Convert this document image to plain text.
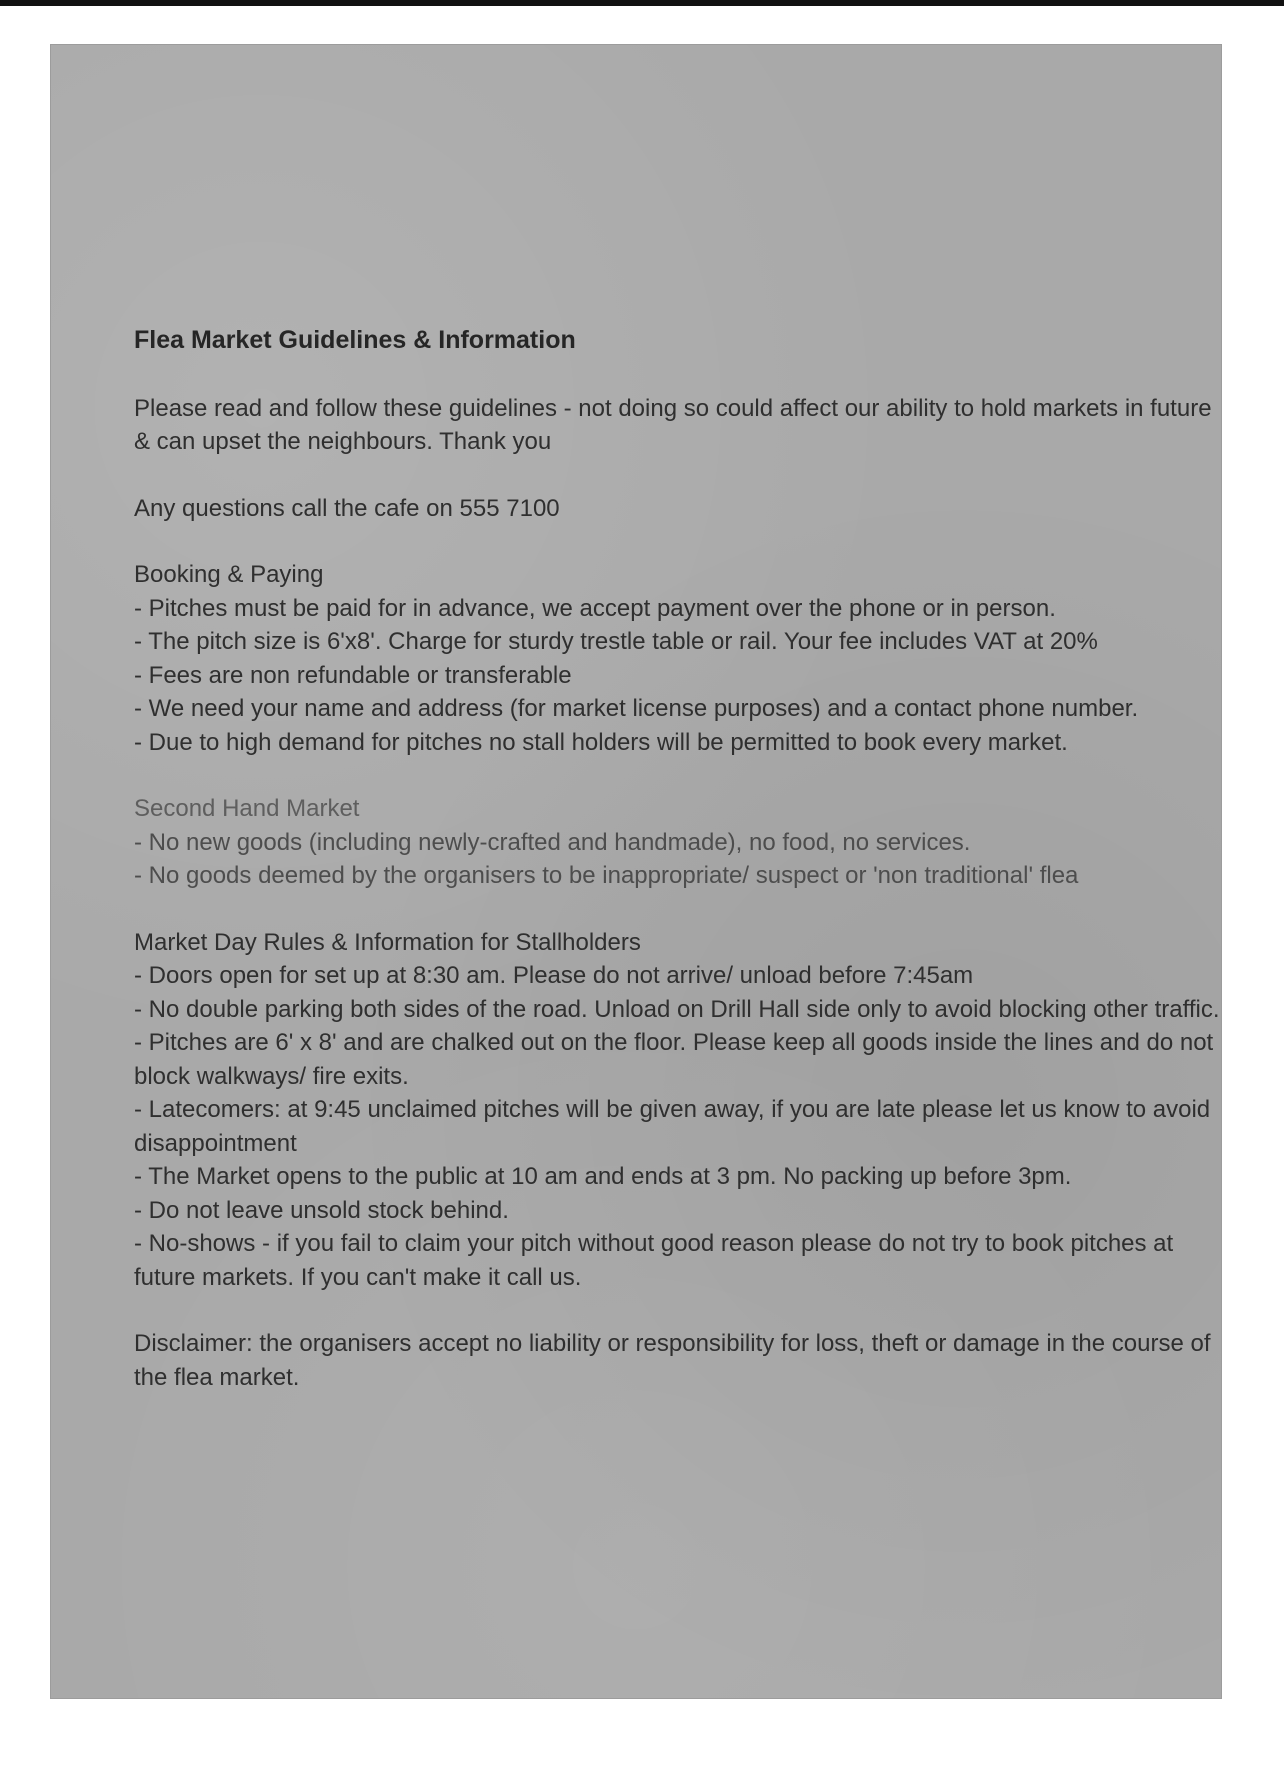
Flea Market Guidelines & Information
Please read and follow these guidelines - not doing so could affect our ability to hold markets in future & can upset the neighbours. Thank you
Any questions call the cafe on 555 7100
Booking & Paying
- Pitches must be paid for in advance, we accept payment over the phone or in person.
- The pitch size is 6'x8'. Charge for sturdy trestle table or rail. Your fee includes VAT at 20%
- Fees are non refundable or transferable
- We need your name and address (for market license purposes) and a contact phone number.
- Due to high demand for pitches no stall holders will be permitted to book every market.
Second Hand Market
- No new goods (including newly-crafted and handmade), no food, no services.
- No goods deemed by the organisers to be inappropriate/ suspect or 'non traditional' flea
Market Day Rules & Information for Stallholders
- Doors open for set up at 8:30 am. Please do not arrive/ unload before 7:45am
- No double parking both sides of the road. Unload on Drill Hall side only to avoid blocking other traffic.
- Pitches are 6' x 8' and are chalked out on the floor. Please keep all goods inside the lines and do not block walkways/ fire exits.
- Latecomers: at 9:45 unclaimed pitches will be given away, if you are late please let us know to avoid disappointment
- The Market opens to the public at 10 am and ends at 3 pm. No packing up before 3pm.
- Do not leave unsold stock behind.
- No-shows - if you fail to claim your pitch without good reason please do not try to book pitches at future markets. If you can't make it call us.
Disclaimer: the organisers accept no liability or responsibility for loss, theft or damage in the course of the flea market.
